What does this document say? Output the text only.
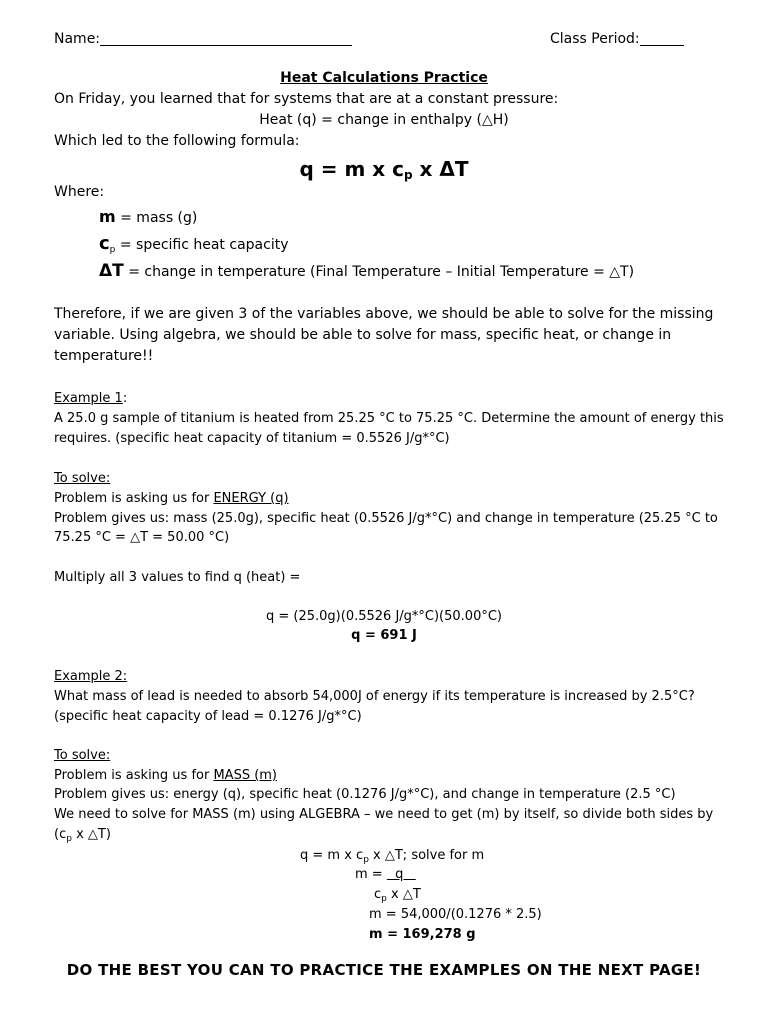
Name:	Class Period:
Heat Calculations Practice
On Friday, you learned that for systems that are at a constant pressure:
Heat (q) = change in enthalpy (△H)
Which led to the following formula:
q = m x $c_p$ x ΔT
Where:
m = mass (g)
$c_p$ = specific heat capacity
ΔT = change in temperature (Final Temperature – Initial Temperature = △T)
Therefore, if we are given 3 of the variables above, we should be able to solve for the missing
variable. Using algebra, we should be able to solve for mass, specific heat, or change in
temperature!!
Example 1:
A 25.0 g sample of titanium is heated from 25.25 °C to 75.25 °C. Determine the amount of energy this
requires. (specific heat capacity of titanium = 0.5526 J/g*°C)
To solve:
Problem is asking us for ENERGY (q)
Problem gives us: mass (25.0g), specific heat (0.5526 J/g*°C) and change in temperature (25.25 °C to
75.25 °C = △T = 50.00 °C)
Multiply all 3 values to find q (heat) =
q = (25.0g)(0.5526 J/g*°C)(50.00°C)
q = 691 J
Example 2:
What mass of lead is needed to absorb 54,000J of energy if its temperature is increased by 2.5°C?
(specific heat capacity of lead = 0.1276 J/g*°C)
To solve:
Problem is asking us for MASS (m)
Problem gives us: energy (q), specific heat (0.1276 J/g*°C), and change in temperature (2.5 °C)
We need to solve for MASS (m) using ALGEBRA – we need to get (m) by itself, so divide both sides by
($c_p$ x △T)
q = m x $c_p$ x △T; solve for m
m =   q
$c_p$ x △T
m = 54,000/(0.1276 * 2.5)
m = 169,278 g
DO THE BEST YOU CAN TO PRACTICE THE EXAMPLES ON THE NEXT PAGE!
